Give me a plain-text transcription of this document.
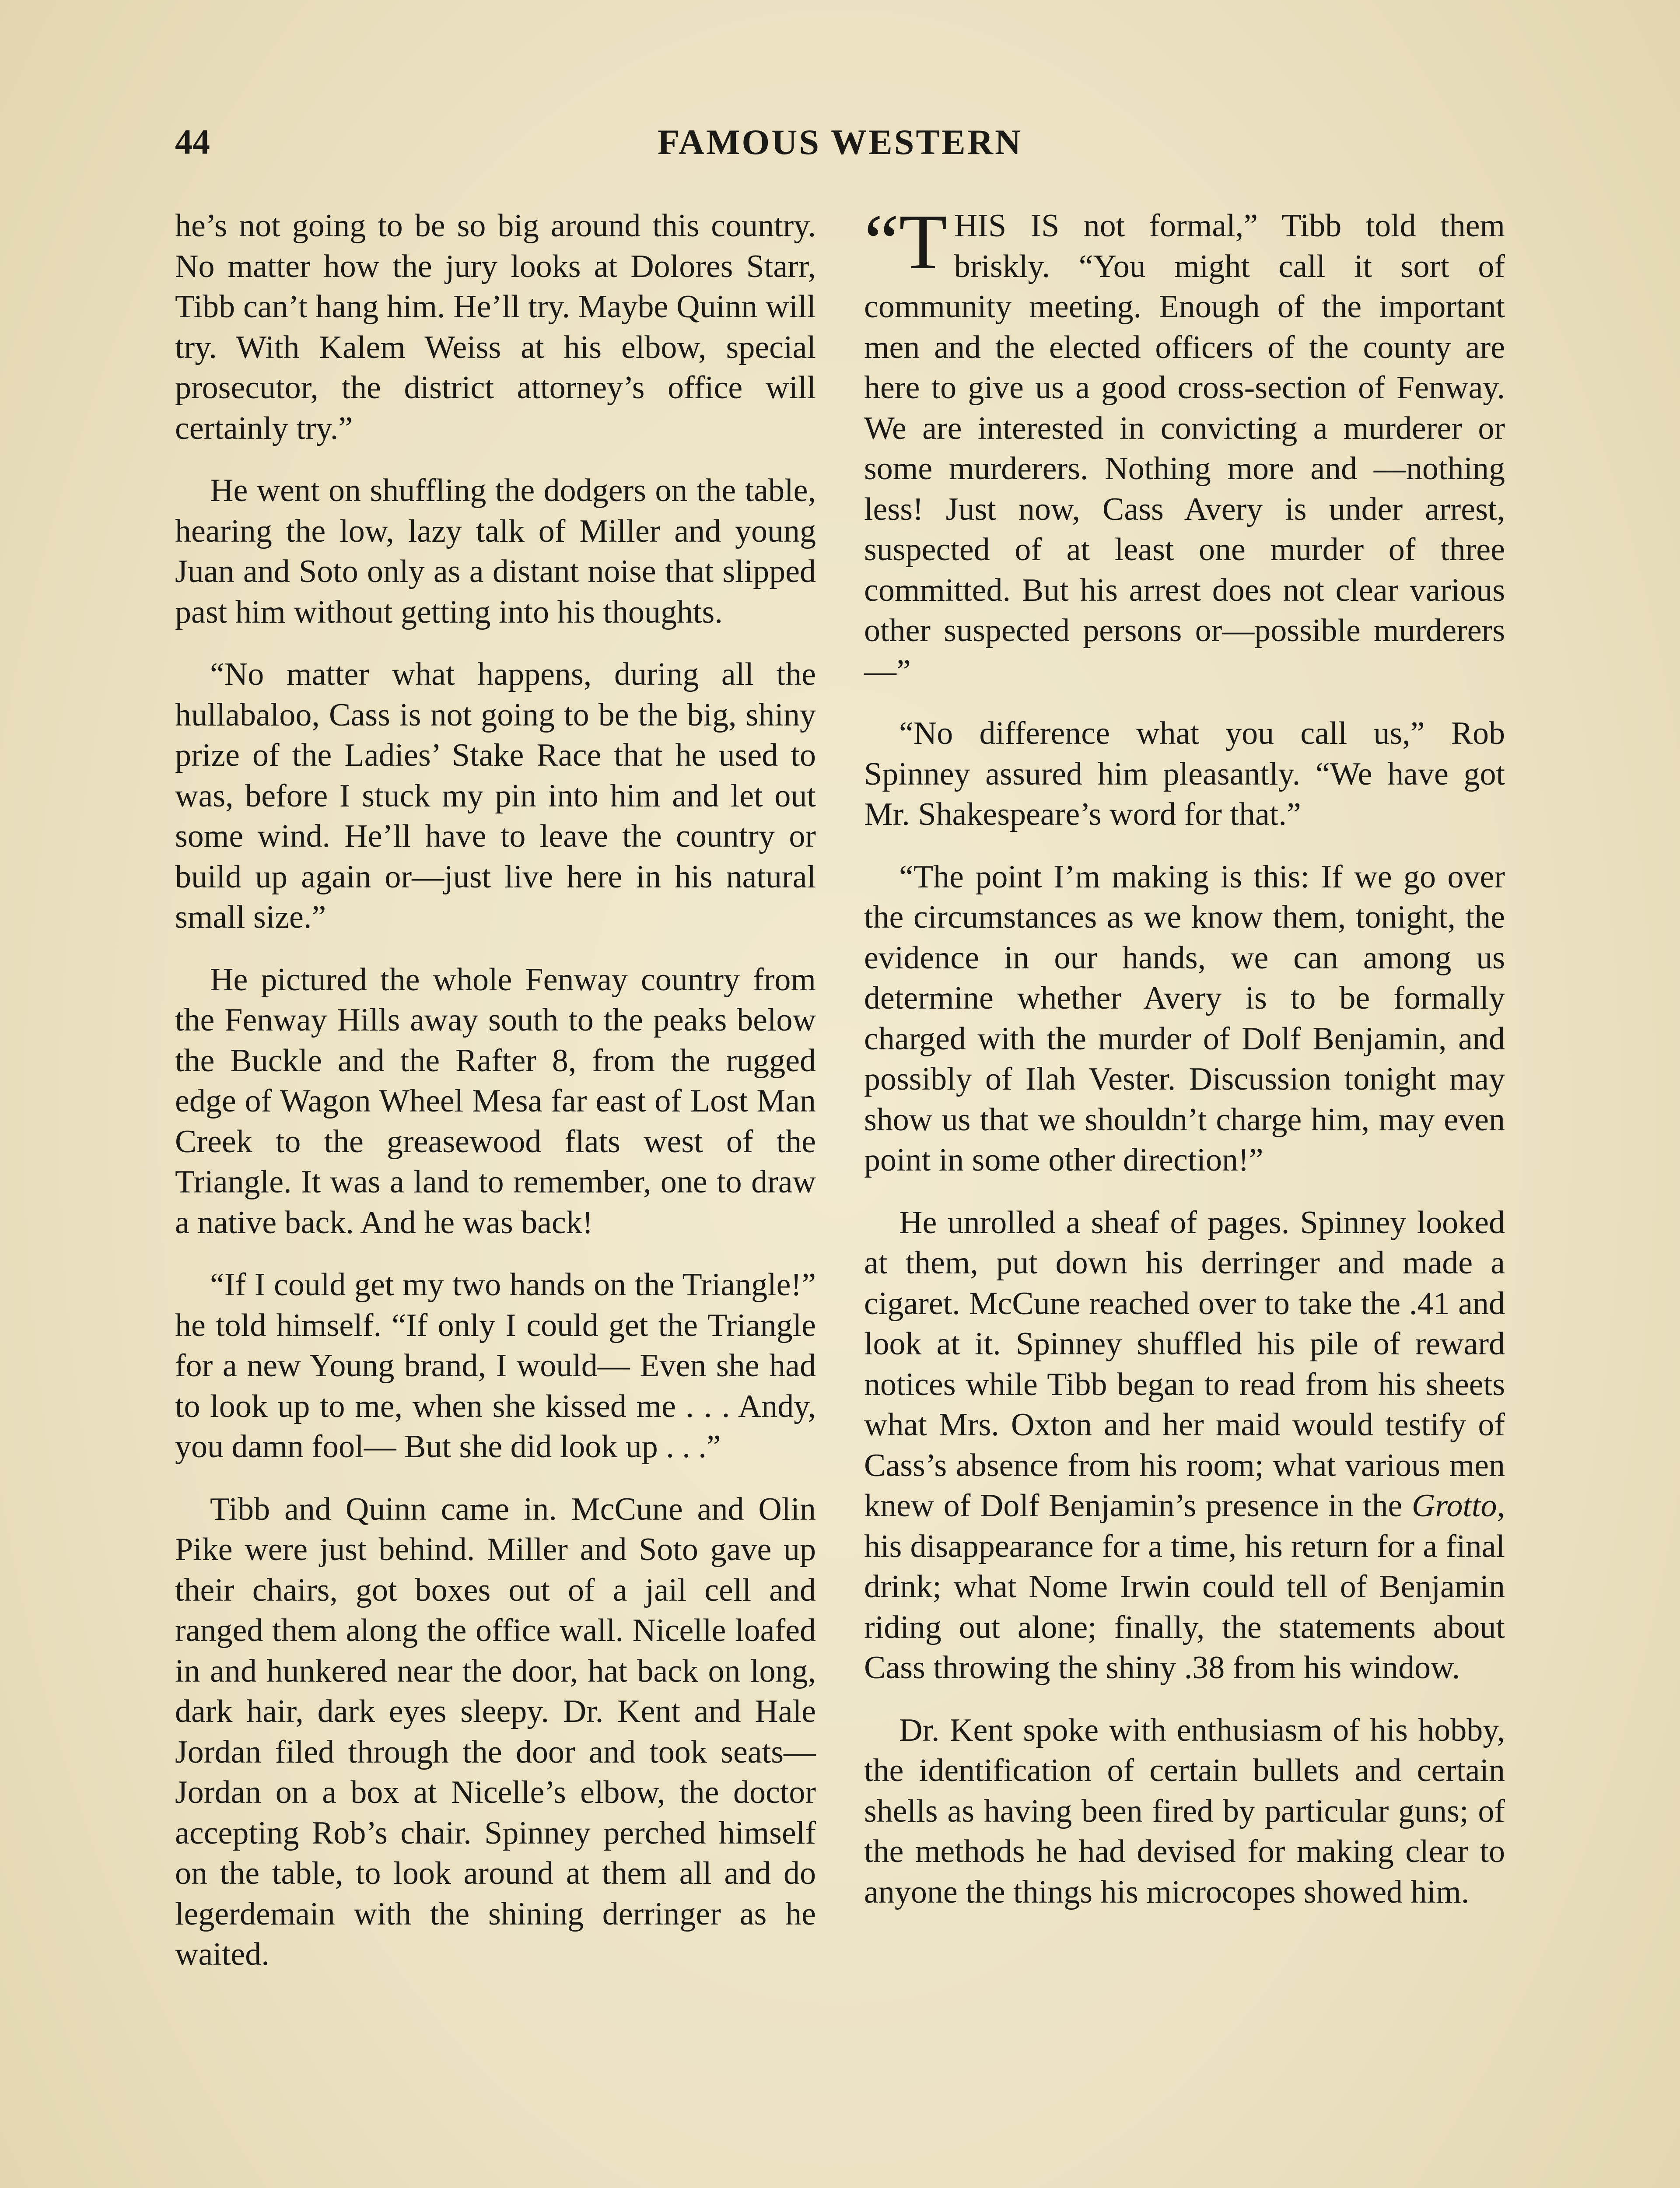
44	FAMOUS WESTERN

he’s not going to be so big around this country. No matter how the jury looks at Dolores Starr, Tibb can’t hang him. He’ll try. Maybe Quinn will try. With Kalem Weiss at his elbow, special prosecutor, the district attorney’s office will certainly try.”

He went on shuffling the dodgers on the table, hearing the low, lazy talk of Miller and young Juan and Soto only as a distant noise that slipped past him without getting into his thoughts.

“No matter what happens, during all the hullabaloo, Cass is not going to be the big, shiny prize of the Ladies’ Stake Race that he used to was, before I stuck my pin into him and let out some wind. He’ll have to leave the country or build up again or—just live here in his natural small size.”

He pictured the whole Fenway country from the Fenway Hills away south to the peaks below the Buckle and the Rafter 8, from the rugged edge of Wagon Wheel Mesa far east of Lost Man Creek to the greasewood flats west of the Triangle. It was a land to remember, one to draw a native back. And he was back!

“If I could get my two hands on the Triangle!” he told himself. “If only I could get the Triangle for a new Young brand, I would— Even she had to look up to me, when she kissed me . . . Andy, you damn fool— But she did look up . . .”

Tibb and Quinn came in. McCune and Olin Pike were just behind. Miller and Soto gave up their chairs, got boxes out of a jail cell and ranged them along the office wall. Nicelle loafed in and hunkered near the door, hat back on long, dark hair, dark eyes sleepy. Dr. Kent and Hale Jordan filed through the door and took seats—Jordan on a box at Nicelle’s elbow, the doctor accepting Rob’s chair. Spinney perched himself on the table, to look around at them all and do legerdemain with the shining derringer as he waited.

“T HIS IS not formal,” Tibb told them briskly. “You might call it sort of community meeting. Enough of the important men and the elected officers of the county are here to give us a good cross-section of Fenway. We are interested in convicting a murderer or some murderers. Nothing more and —nothing less! Just now, Cass Avery is under arrest, suspected of at least one murder of three committed. But his arrest does not clear various other suspected persons or—possible murderers—”

“No difference what you call us,” Rob Spinney assured him pleasantly. “We have got Mr. Shakespeare’s word for that.”

“The point I’m making is this: If we go over the circumstances as we know them, tonight, the evidence in our hands, we can among us determine whether Avery is to be formally charged with the murder of Dolf Benjamin, and possibly of Ilah Vester. Discussion tonight may show us that we shouldn’t charge him, may even point in some other direction!”

He unrolled a sheaf of pages. Spinney looked at them, put down his derringer and made a cigaret. McCune reached over to take the .41 and look at it. Spinney shuffled his pile of reward notices while Tibb began to read from his sheets what Mrs. Oxton and her maid would testify of Cass’s absence from his room; what various men knew of Dolf Benjamin’s presence in the Grotto, his disappearance for a time, his return for a final drink; what Nome Irwin could tell of Benjamin riding out alone; finally, the statements about Cass throwing the shiny .38 from his window.

Dr. Kent spoke with enthusiasm of his hobby, the identification of certain bullets and certain shells as having been fired by particular guns; of the methods he had devised for making clear to anyone the things his microcopes showed him.
